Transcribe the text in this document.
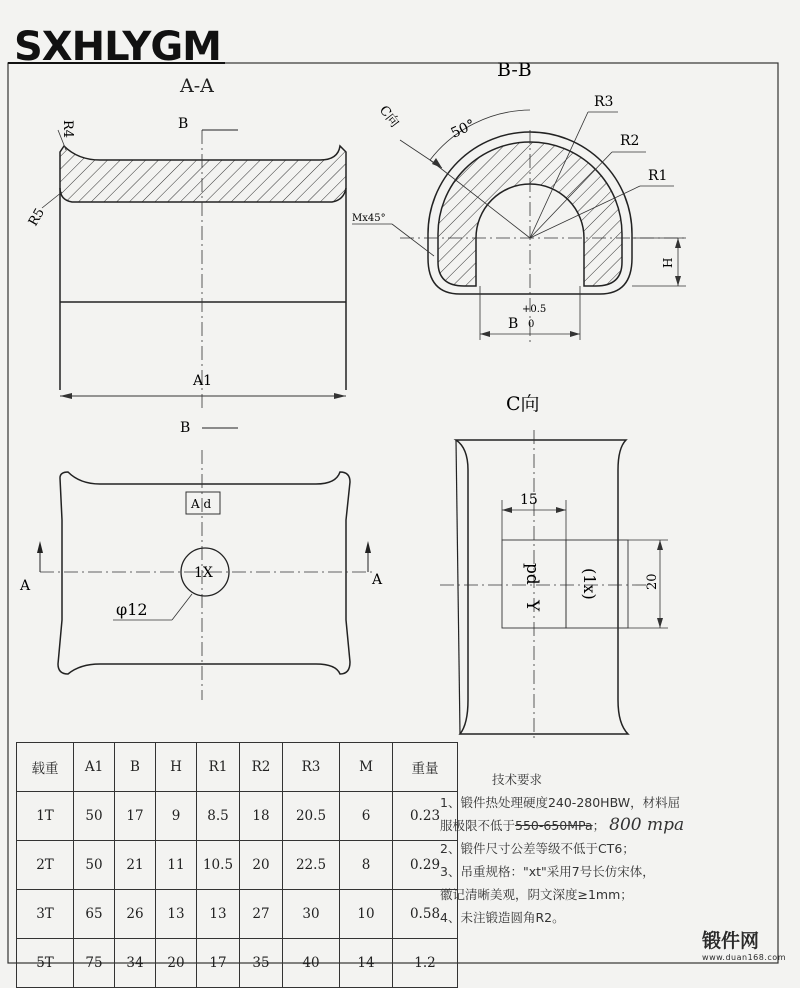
A-A
B
R4
R5
A1
B
A d
1X
φ12
A	A
B-B
R3
R2
R1
50°
C向
Mx45°
H
B
+0.5
0
C向
pd
Y
(1x)
15
20
SXHLYGM
载重	A1	B	H	R1	R2	R3	M	重量
1T	50	17	9	8.5	18	20.5	6	0.23
2T	50	21	11	10.5	20	22.5	8	0.29
3T	65	26	13	13	27	30	10	0.58
5T	75	34	20	17	35	40	14	1.2
技术要求
1、锻件热处理硬度240-280HBW，材料屈
服极限不低于550-650MPa； 800 mpa
2、锻件尺寸公差等级不低于CT6；
3、吊重规格："xt"采用7号长仿宋体，
徽记清晰美观，阴文深度≥1mm；
4、未注锻造圆角R2。
锻件网
www.duan168.com
